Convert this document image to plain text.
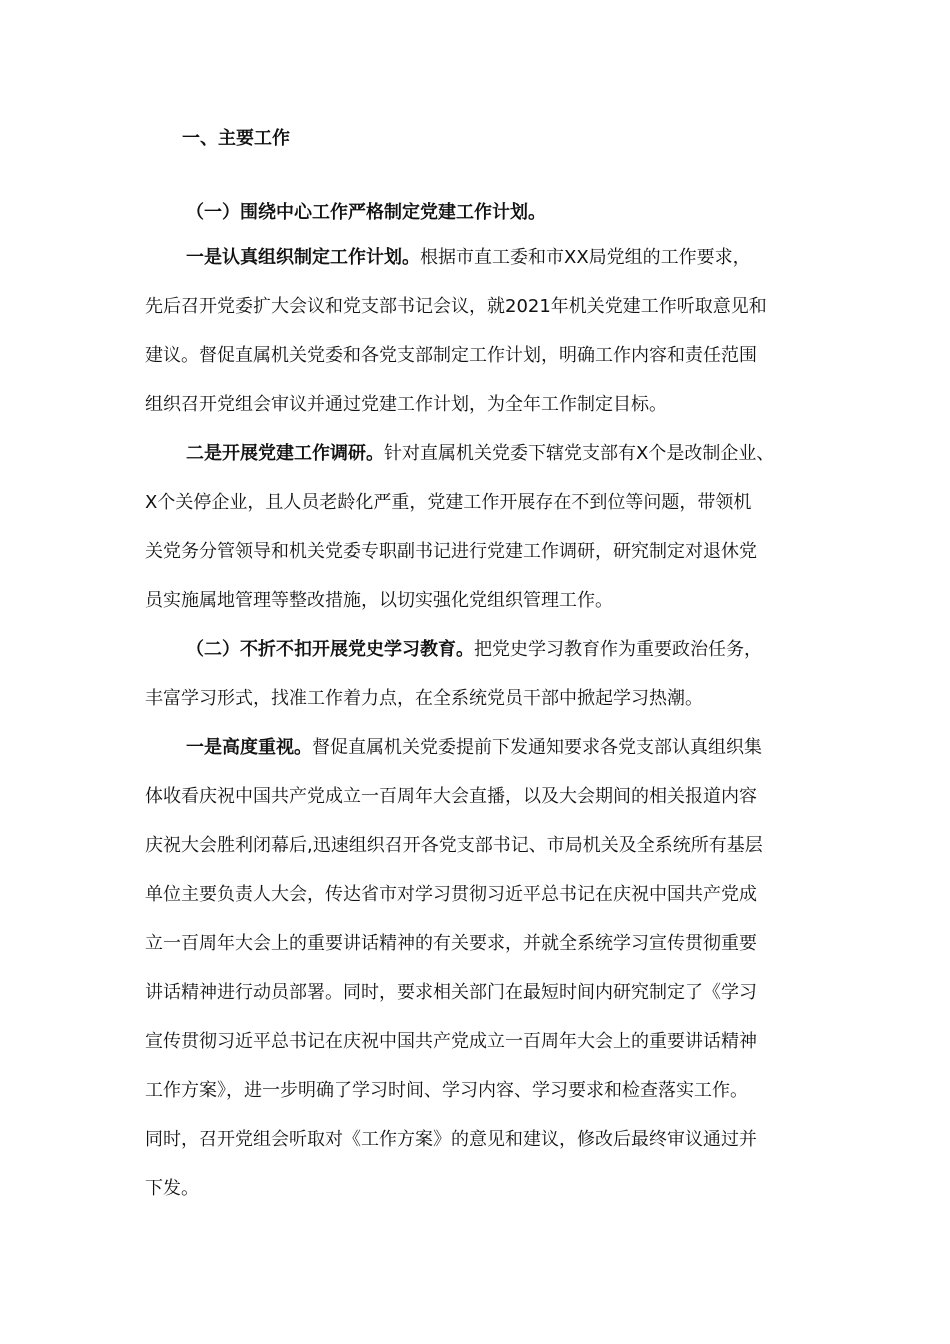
一、主要工作
（一）围绕中心工作严格制定党建工作计划。
一是认真组织制定工作计划。根据市直工委和市XX局党组的工作要求，
先后召开党委扩大会议和党支部书记会议，就2021年机关党建工作听取意见和
建议。督促直属机关党委和各党支部制定工作计划，明确工作内容和责任范围
组织召开党组会审议并通过党建工作计划，为全年工作制定目标。
二是开展党建工作调研。针对直属机关党委下辖党支部有X个是改制企业、
X个关停企业，且人员老龄化严重，党建工作开展存在不到位等问题，带领机
关党务分管领导和机关党委专职副书记进行党建工作调研，研究制定对退休党
员实施属地管理等整改措施，以切实强化党组织管理工作。
（二）不折不扣开展党史学习教育。把党史学习教育作为重要政治任务，
丰富学习形式，找准工作着力点，在全系统党员干部中掀起学习热潮。
一是高度重视。督促直属机关党委提前下发通知要求各党支部认真组织集
体收看庆祝中国共产党成立一百周年大会直播，以及大会期间的相关报道内容
庆祝大会胜利闭幕后,迅速组织召开各党支部书记、市局机关及全系统所有基层
单位主要负责人大会，传达省市对学习贯彻习近平总书记在庆祝中国共产党成
立一百周年大会上的重要讲话精神的有关要求，并就全系统学习宣传贯彻重要
讲话精神进行动员部署。同时，要求相关部门在最短时间内研究制定了《学习
宣传贯彻习近平总书记在庆祝中国共产党成立一百周年大会上的重要讲话精神
工作方案》，进一步明确了学习时间、学习内容、学习要求和检查落实工作。
同时，召开党组会听取对《工作方案》的意见和建议，修改后最终审议通过并
下发。
